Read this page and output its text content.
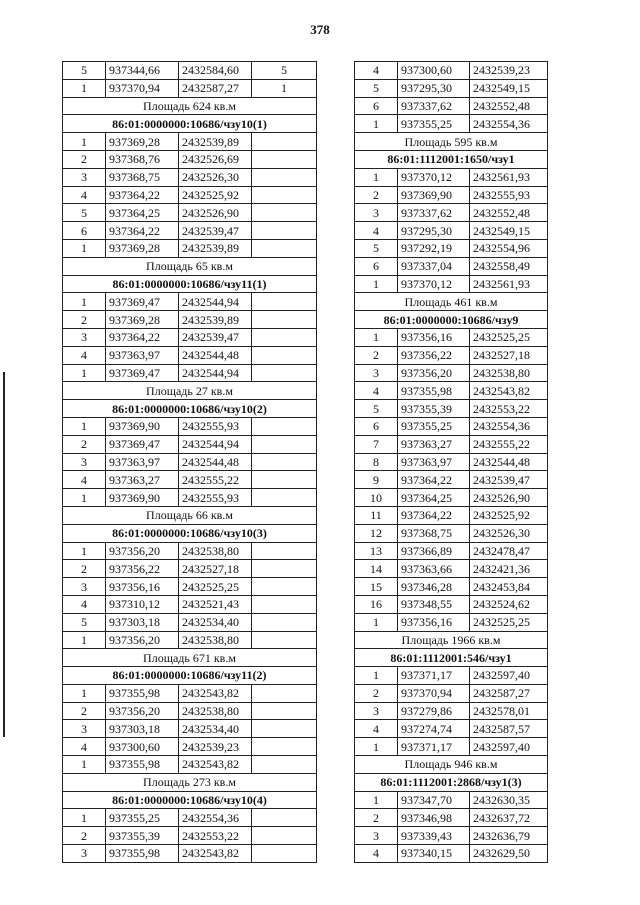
378
5	937344,66	2432584,60	5
1	937370,94	2432587,27	1
Площадь 624 кв.м			
86:01:0000000:10686/чзу10(1)			
1	937369,28	2432539,89	
2	937368,76	2432526,69	
3	937368,75	2432526,30	
4	937364,22	2432525,92	
5	937364,25	2432526,90	
6	937364,22	2432539,47	
1	937369,28	2432539,89	
Площадь 65 кв.м			
86:01:0000000:10686/чзу11(1)			
1	937369,47	2432544,94	
2	937369,28	2432539,89	
3	937364,22	2432539,47	
4	937363,97	2432544,48	
1	937369,47	2432544,94	
Площадь 27 кв.м			
86:01:0000000:10686/чзу10(2)			
1	937369,90	2432555,93	
2	937369,47	2432544,94	
3	937363,97	2432544,48	
4	937363,27	2432555,22	
1	937369,90	2432555,93	
Площадь 66 кв.м			
86:01:0000000:10686/чзу10(3)			
1	937356,20	2432538,80	
2	937356,22	2432527,18	
3	937356,16	2432525,25	
4	937310,12	2432521,43	
5	937303,18	2432534,40	
1	937356,20	2432538,80	
Площадь 671 кв.м			
86:01:0000000:10686/чзу11(2)			
1	937355,98	2432543,82	
2	937356,20	2432538,80	
3	937303,18	2432534,40	
4	937300,60	2432539,23	
1	937355,98	2432543,82	
Площадь 273 кв.м			
86:01:0000000:10686/чзу10(4)			
1	937355,25	2432554,36	
2	937355,39	2432553,22	
3	937355,98	2432543,82	
4	937300,60	2432539,23
5	937295,30	2432549,15
6	937337,62	2432552,48
1	937355,25	2432554,36
Площадь 595 кв.м		
86:01:1112001:1650/чзу1		
1	937370,12	2432561,93
2	937369,90	2432555,93
3	937337,62	2432552,48
4	937295,30	2432549,15
5	937292,19	2432554,96
6	937337,04	2432558,49
1	937370,12	2432561,93
Площадь 461 кв.м		
86:01:0000000:10686/чзу9		
1	937356,16	2432525,25
2	937356,22	2432527,18
3	937356,20	2432538,80
4	937355,98	2432543,82
5	937355,39	2432553,22
6	937355,25	2432554,36
7	937363,27	2432555,22
8	937363,97	2432544,48
9	937364,22	2432539,47
10	937364,25	2432526,90
11	937364,22	2432525,92
12	937368,75	2432526,30
13	937366,89	2432478,47
14	937363,66	2432421,36
15	937346,28	2432453,84
16	937348,55	2432524,62
1	937356,16	2432525,25
Площадь 1966 кв.м		
86:01:1112001:546/чзу1		
1	937371,17	2432597,40
2	937370,94	2432587,27
3	937279,86	2432578,01
4	937274,74	2432587,57
1	937371,17	2432597,40
Площадь 946 кв.м		
86:01:1112001:2868/чзу1(3)		
1	937347,70	2432630,35
2	937346,98	2432637,72
3	937339,43	2432636,79
4	937340,15	2432629,50
